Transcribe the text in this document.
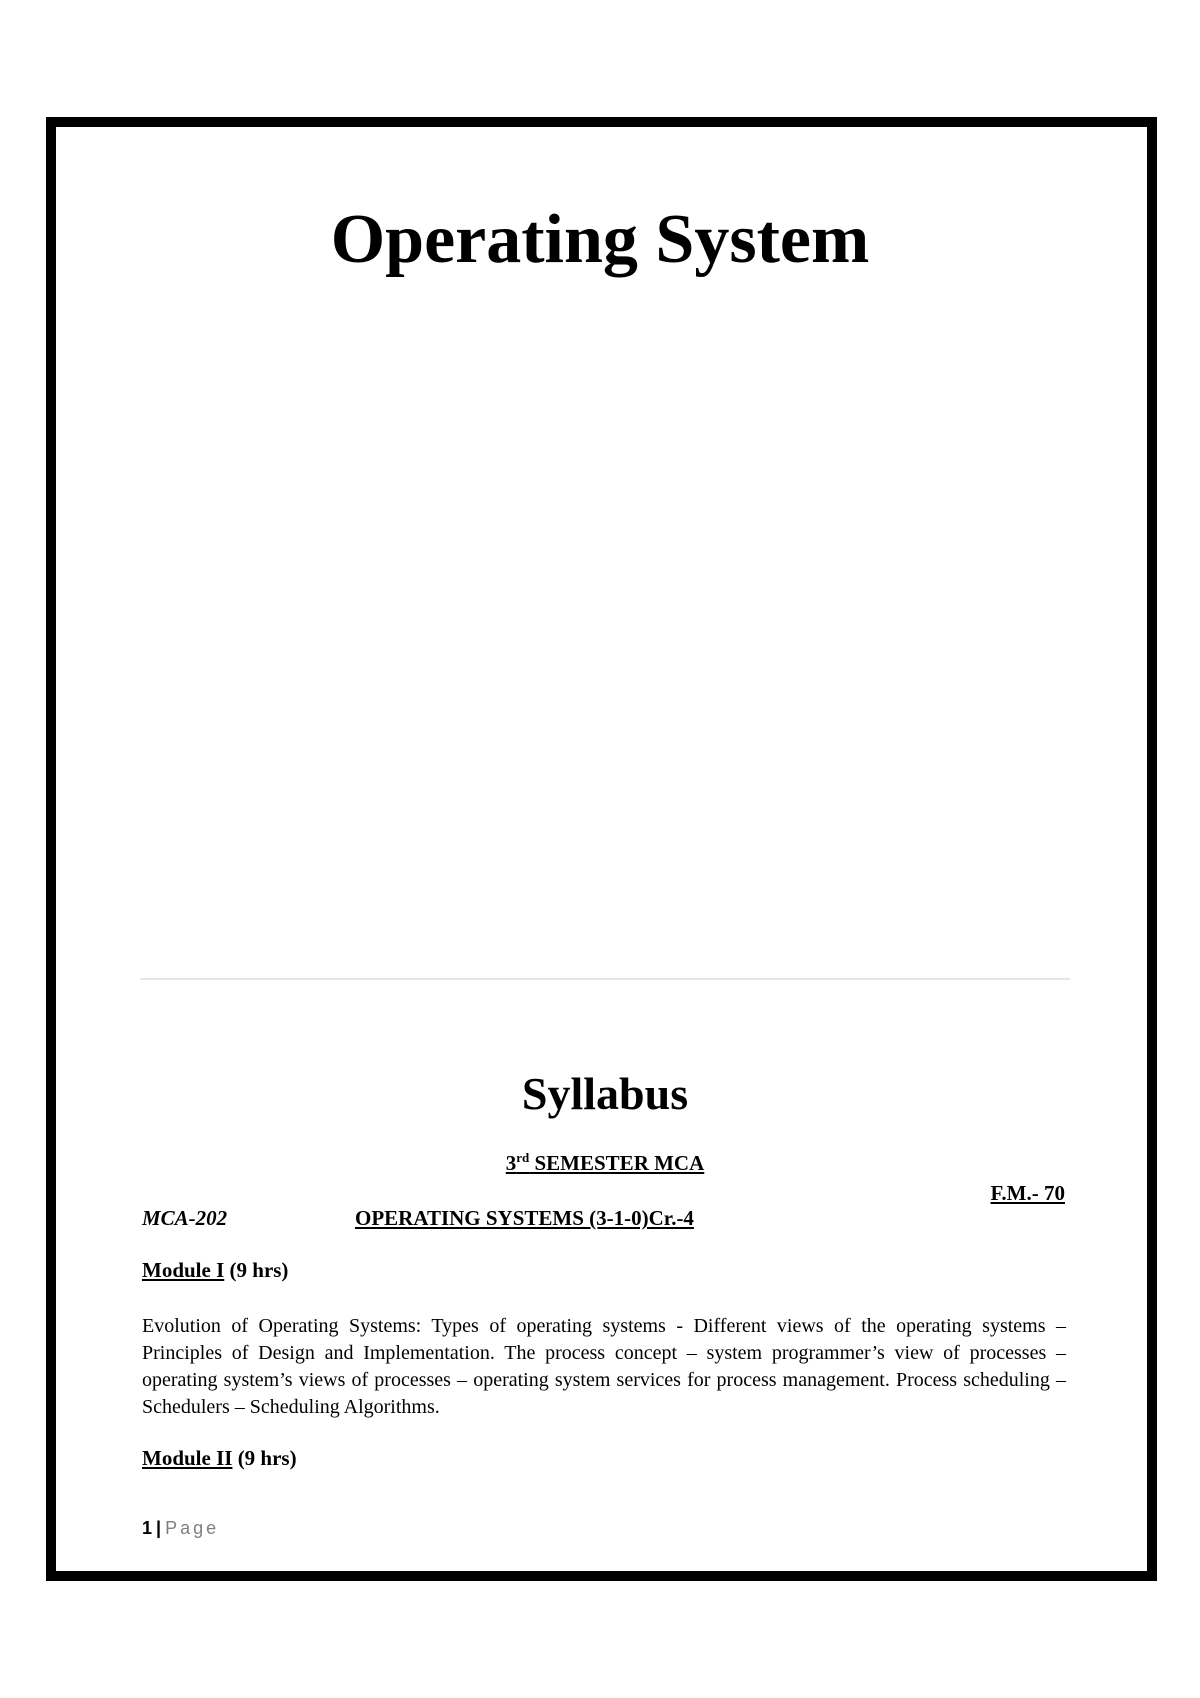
Operating System
Syllabus
3rd SEMESTER MCA
F.M.- 70
MCA-202	OPERATING SYSTEMS (3-1-0)Cr.-4
Module I (9 hrs)

Evolution of Operating Systems: Types of operating systems - Different views of the operating systems – Principles of Design and Implementation. The process concept – system programmer’s view of processes – operating system’s views of processes – operating system services for process management. Process scheduling – Schedulers – Scheduling Algorithms.

Module II (9 hrs)
1 | Page
